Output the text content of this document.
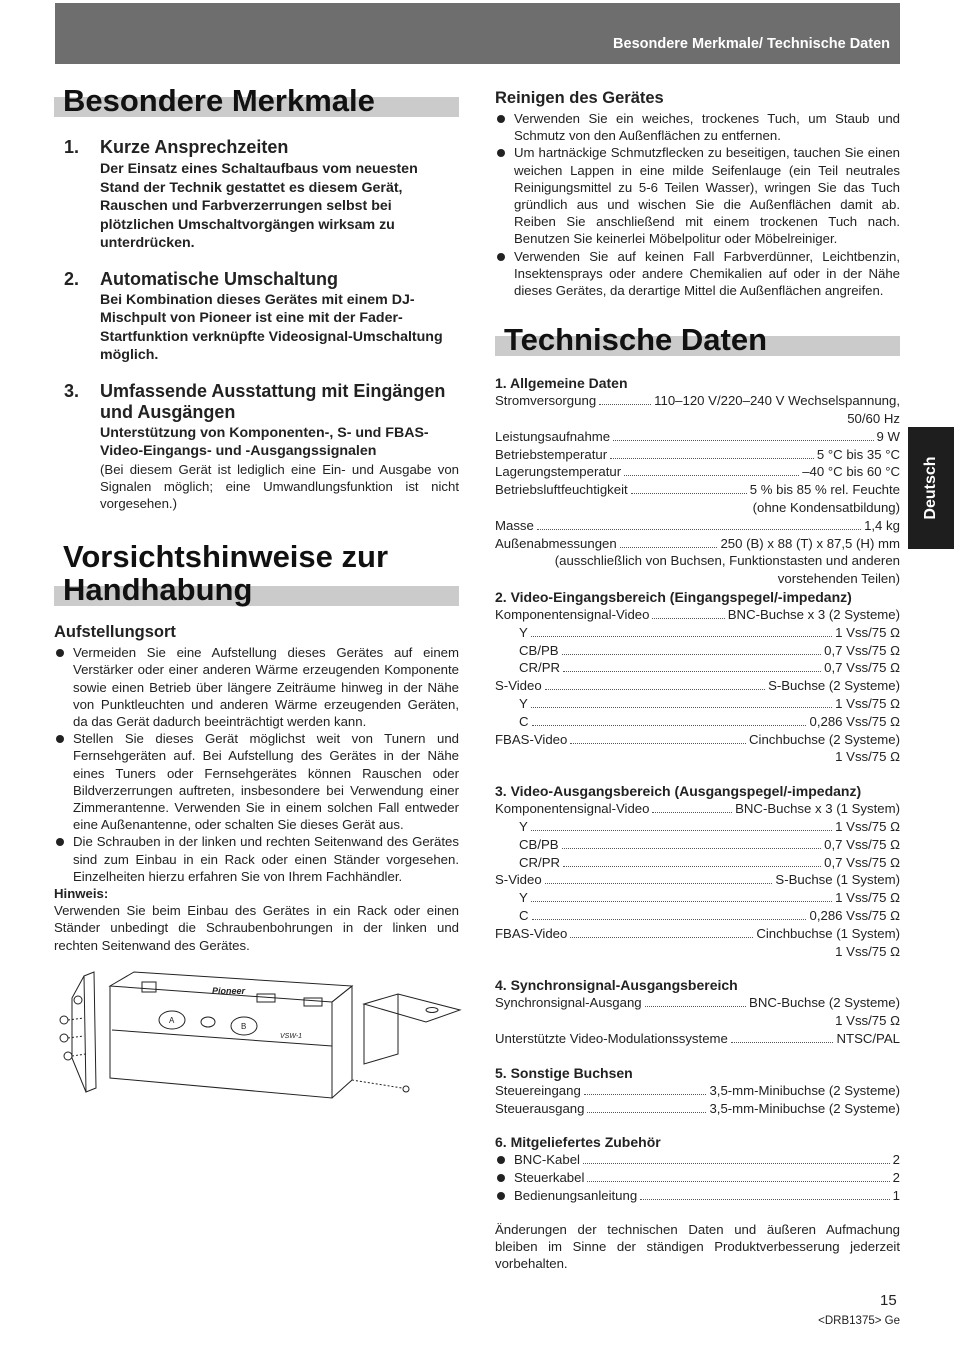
Besondere Merkmale/ Technische Daten
Deutsch
Besondere Merkmale
1. Kurze Ansprechzeiten
Der Einsatz eines Schaltaufbaus vom neuesten Stand der Technik gestattet es diesem Gerät, Rauschen und Farbverzerrungen selbst bei plötzlichen Umschaltvorgängen wirksam zu unterdrücken.
2. Automatische Umschaltung
Bei Kombination dieses Gerätes mit einem DJ-Mischpult von Pioneer ist eine mit der Fader-Startfunktion verknüpfte Videosignal-Umschaltung möglich.
3. Umfassende Ausstattung mit Eingängen und Ausgängen
Unterstützung von Komponenten-, S- und FBAS-Video-Eingangs- und -Ausgangssignalen
(Bei diesem Gerät ist lediglich eine Ein- und Ausgabe von Signalen möglich; eine Umwandlungsfunktion ist nicht vorgesehen.)
Vorsichtshinweise zur
Handhabung
Aufstellungsort
Vermeiden Sie eine Aufstellung dieses Gerätes auf einem Verstärker oder einer anderen Wärme erzeugenden Komponente sowie einen Betrieb über längere Zeiträume hinweg in der Nähe von Punktleuchten und anderen Wärme erzeugenden Geräten, da das Gerät dadurch beeinträchtigt werden kann.
Stellen Sie dieses Gerät möglichst weit von Tunern und Fernsehgeräten auf. Bei Aufstellung des Gerätes in der Nähe eines Tuners oder Fernsehgerätes können Rauschen oder Bildverzerrungen auftreten, insbesondere bei Verwendung einer Zimmerantenne. Verwenden Sie in einem solchen Fall entweder eine Außenantenne, oder schalten Sie dieses Gerät aus.
Die Schrauben in der linken und rechten Seitenwand des Gerätes sind zum Einbau in ein Rack oder einen Ständer vorgesehen. Einzelheiten hierzu erfahren Sie von Ihrem Fachhändler.
Hinweis:
Verwenden Sie beim Einbau des Gerätes in ein Rack oder einen Ständer unbedingt die Schraubenbohrungen in der linken und rechten Seitenwand des Gerätes.
Pioneer
VSW-1
A
B
Reinigen des Gerätes
Verwenden Sie ein weiches, trockenes Tuch, um Staub und Schmutz von den Außenflächen zu entfernen.
Um hartnäckige Schmutzflecken zu beseitigen, tauchen Sie einen weichen Lappen in eine milde Seifenlauge (ein Teil neutrales Reinigungsmittel zu 5-6 Teilen Wasser), wringen Sie das Tuch gründlich aus und wischen Sie die Außenflächen damit ab. Reiben Sie anschließend mit einem trockenen Tuch nach. Benutzen Sie keinerlei Möbelpolitur oder Möbelreiniger.
Verwenden Sie auf keinen Fall Farbverdünner, Leichtbenzin, Insektensprays oder andere Chemikalien auf oder in der Nähe dieses Gerätes, da derartige Mittel die Außenflächen angreifen.
Technische Daten
1. Allgemeine Daten
Stromversorgung	110–120 V/220–240 V Wechselspannung,
50/60 Hz
Leistungsaufnahme	9 W
Betriebstemperatur	5 °C bis 35 °C
Lagerungstemperatur	–40 °C bis 60 °C
Betriebsluftfeuchtigkeit	5 % bis 85 % rel. Feuchte
(ohne Kondensatbildung)
Masse	1,4 kg
Außenabmessungen	250 (B) x 88 (T) x 87,5 (H) mm
(ausschließlich von Buchsen, Funktionstasten und anderen
vorstehenden Teilen)
2. Video-Eingangsbereich (Eingangspegel/-impedanz)
Komponentensignal-Video	BNC-Buchse x 3 (2 Systeme)
Y	1 Vss/75 Ω
CB/PB	0,7 Vss/75 Ω
CR/PR	0,7 Vss/75 Ω
S-Video	S-Buchse (2 Systeme)
Y	1 Vss/75 Ω
C	0,286 Vss/75 Ω
FBAS-Video	Cinchbuchse (2 Systeme)
1 Vss/75 Ω
3. Video-Ausgangsbereich (Ausgangspegel/-impedanz)
Komponentensignal-Video	BNC-Buchse x 3 (1 System)
Y	1 Vss/75 Ω
CB/PB	0,7 Vss/75 Ω
CR/PR	0,7 Vss/75 Ω
S-Video	S-Buchse (1 System)
Y	1 Vss/75 Ω
C	0,286 Vss/75 Ω
FBAS-Video	Cinchbuchse (1 System)
1 Vss/75 Ω
4. Synchronsignal-Ausgangsbereich
Synchronsignal-Ausgang	BNC-Buchse (2 Systeme)
1 Vss/75 Ω
Unterstützte Video-Modulationssysteme	NTSC/PAL
5. Sonstige Buchsen
Steuereingang	3,5-mm-Minibuchse (2 Systeme)
Steuerausgang	3,5-mm-Minibuchse (2 Systeme)
6. Mitgeliefertes Zubehör
BNC-Kabel	2
Steuerkabel	2
Bedienungsanleitung	1
Änderungen der technischen Daten und äußeren Aufmachung bleiben im Sinne der ständigen Produktverbesserung jederzeit vorbehalten.
15
<DRB1375> Ge
